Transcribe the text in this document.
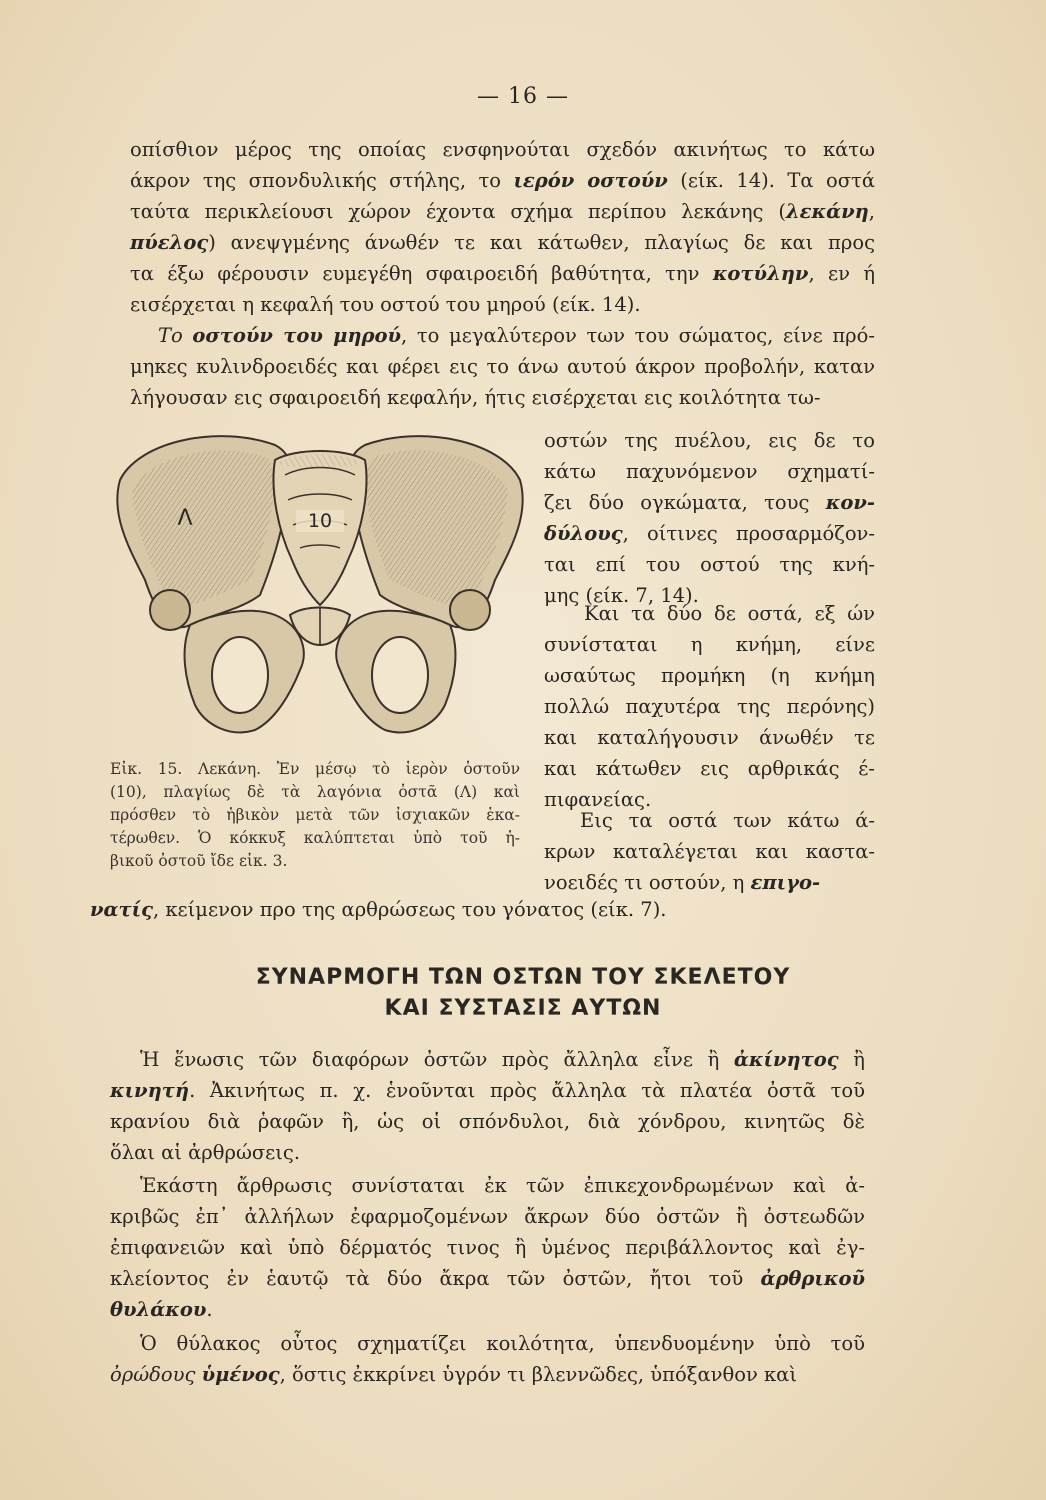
— 16 —
οπίσθιον μέρος της οποίας ενσφηνούται σχεδόν ακινήτως το κάτω
άκρον της σπονδυλικής στήλης, το ιερόν οστούν (είκ. 14). Τα οστά
ταύτα περικλείουσι χώρον έχοντα σχήμα περίπου λεκάνης (λεκάνη,
πύελος) ανεψγμένης άνωθέν τε και κάτωθεν, πλαγίως δε και προς
τα έξω φέρουσιν ευμεγέθη σφαιροειδή βαθύτητα, την κοτύλην, εν ή
εισέρχεται η κεφαλή του οστού του μηρού (είκ. 14).
Το οστούν του μηρού, το μεγαλύτερον των του σώματος, είνε πρό-
μηκες κυλινδροειδές και φέρει εις το άνω αυτού άκρον προβολήν, καταν
λήγουσαν εις σφαιροειδή κεφαλήν, ήτις εισέρχεται εις κοιλότητα τω-
οστών της πυέλου, εις δε το
κάτω παχυνόμενον σχηματί-
ζει δύο ογκώματα, τους κον-
δύλους, οίτινες προσαρμόζον-
ται επί του οστού της κνή-
μης (είκ. 7, 14).
Και τα δύο δε οστά, εξ ών
συνίσταται η κνήμη, είνε
ωσαύτως προμήκη (η κνήμη
πολλώ παχυτέρα της περόνης)
και καταλήγουσιν άνωθέν τε
και κάτωθεν εις αρθρικάς έ-
πιφανείας.
Εις τα οστά των κάτω ά-
κρων καταλέγεται και καστα-
νοειδές τι οστούν, η επιγο-
νατίς, κείμενον προ της αρθρώσεως του γόνατος (είκ. 7).
10
Λ
Εἰκ. 15. Λεκάνη. Ἐν μέσῳ τὸ ἱερὸν ὀστοῦν
(10), πλαγίως δὲ τὰ λαγόνια ὀστᾶ (Λ) καὶ
πρόσθεν τὸ ἡβικὸν μετὰ τῶν ἰσχιακῶν ἑκα-
τέρωθεν. Ὁ κόκκυξ καλύπτεται ὑπὸ τοῦ ἡ-
βικοῦ ὀστοῦ ἴδε εἰκ. 3.
ΣΥΝΑΡΜΟΓΗ ΤΩΝ ΟΣΤΩΝ ΤΟΥ ΣΚΕΛΕΤΟΥ
ΚΑΙ ΣΥΣΤΑΣΙΣ ΑΥΤΩΝ
Ἡ ἕνωσις τῶν διαφόρων ὀστῶν πρὸς ἄλληλα εἶνε ἢ ἀκίνητος ἢ
κινητή. Ἀκινήτως π. χ. ἑνοῦνται πρὸς ἄλληλα τὰ πλατέα ὀστᾶ τοῦ
κρανίου διὰ ῥαφῶν ἢ, ὡς οἱ σπόνδυλοι, διὰ χόνδρου, κινητῶς δὲ
ὅλαι αἱ ἀρθρώσεις.
Ἑκάστη ἄρθρωσις συνίσταται ἐκ τῶν ἐπικεχονδρωμένων καὶ ἀ-
κριβῶς ἐπ᾽ ἀλλήλων ἐφαρμοζομένων ἄκρων δύο ὀστῶν ἢ ὀστεωδῶν
ἐπιφανειῶν καὶ ὑπὸ δέρματός τινος ἢ ὑμένος περιβάλλοντος καὶ ἐγ-
κλείοντος ἐν ἑαυτῷ τὰ δύο ἄκρα τῶν ὀστῶν, ἤτοι τοῦ ἀρθρικοῦ
θυλάκου.
Ὁ θύλακος οὗτος σχηματίζει κοιλότητα, ὑπενδυομένην ὑπὸ τοῦ
ὀρώδους ὑμένος, ὅστις ἐκκρίνει ὑγρόν τι βλεννῶδες, ὑπόξανθον καὶ
